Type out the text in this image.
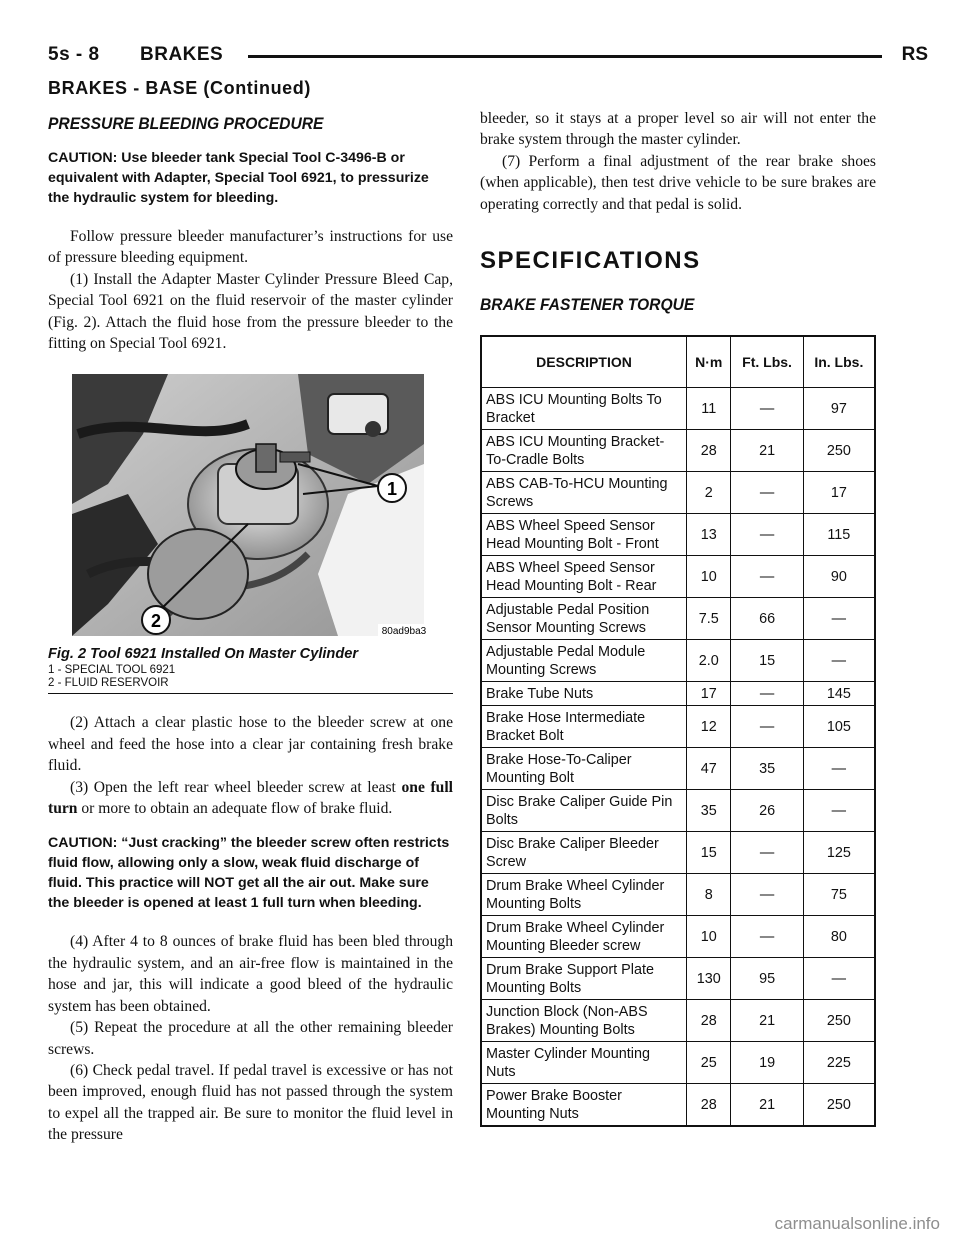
5s - 8 BRAKES	RS
BRAKES - BASE (Continued)
PRESSURE BLEEDING PROCEDURE
CAUTION: Use bleeder tank Special Tool C-3496-B or equivalent with Adapter, Special Tool 6921, to pressurize the hydraulic system for bleeding.

Follow pressure bleeder manufacturer’s instructions for use of pressure bleeding equipment.

(1) Install the Adapter Master Cylinder Pressure Bleed Cap, Special Tool 6921 on the fluid reservoir of the master cylinder (Fig. 2). Attach the fluid hose from the pressure bleeder to the fitting on Special Tool 6921.

1
2
80ad9ba3
Fig. 2 Tool 6921 Installed On Master Cylinder
1 - SPECIAL TOOL 6921
2 - FLUID RESERVOIR

(2) Attach a clear plastic hose to the bleeder screw at one wheel and feed the hose into a clear jar containing fresh brake fluid.

(3) Open the left rear wheel bleeder screw at least one full turn or more to obtain an adequate flow of brake fluid.

CAUTION: “Just cracking” the bleeder screw often restricts fluid flow, allowing only a slow, weak fluid discharge of fluid. This practice will NOT get all the air out. Make sure the bleeder is opened at least 1 full turn when bleeding.

(4) After 4 to 8 ounces of brake fluid has been bled through the hydraulic system, and an air-free flow is maintained in the hose and jar, this will indicate a good bleed of the hydraulic system has been obtained.

(5) Repeat the procedure at all the other remaining bleeder screws.

(6) Check pedal travel. If pedal travel is excessive or has not been improved, enough fluid has not passed through the system to expel all the trapped air. Be sure to monitor the fluid level in the pressure

bleeder, so it stays at a proper level so air will not enter the brake system through the master cylinder.

(7) Perform a final adjustment of the rear brake shoes (when applicable), then test drive vehicle to be sure brakes are operating correctly and that pedal is solid.

SPECIFICATIONS
BRAKE FASTENER TORQUE
DESCRIPTION	N·m	Ft. Lbs.	In. Lbs.
ABS ICU Mounting Bolts To Bracket	11	—	97
ABS ICU Mounting Bracket-To-Cradle Bolts	28	21	250
ABS CAB-To-HCU Mounting Screws	2	—	17
ABS Wheel Speed Sensor Head Mounting Bolt - Front	13	—	115
ABS Wheel Speed Sensor Head Mounting Bolt - Rear	10	—	90
Adjustable Pedal Position Sensor Mounting Screws	7.5	66	—
Adjustable Pedal Module Mounting Screws	2.0	15	—
Brake Tube Nuts	17	—	145
Brake Hose Intermediate Bracket Bolt	12	—	105
Brake Hose-To-Caliper Mounting Bolt	47	35	—
Disc Brake Caliper Guide Pin Bolts	35	26	—
Disc Brake Caliper Bleeder Screw	15	—	125
Drum Brake Wheel Cylinder Mounting Bolts	8	—	75
Drum Brake Wheel Cylinder Mounting Bleeder screw	10	—	80
Drum Brake Support Plate Mounting Bolts	130	95	—
Junction Block (Non-ABS Brakes) Mounting Bolts	28	21	250
Master Cylinder Mounting Nuts	25	19	225
Power Brake Booster Mounting Nuts	28	21	250
carmanualsonline.info
